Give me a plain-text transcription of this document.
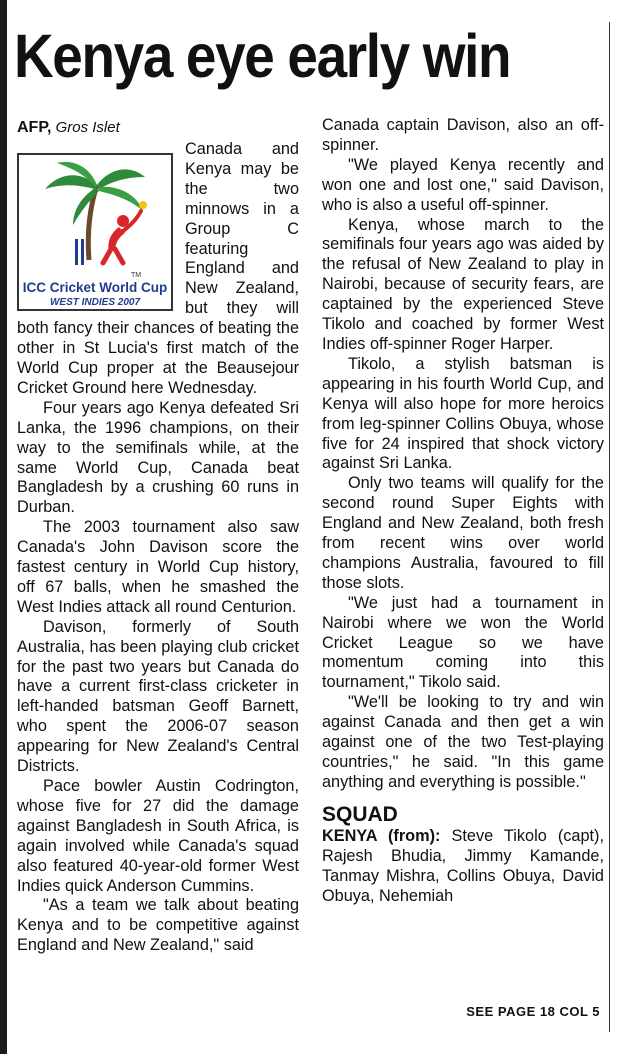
Kenya eye early win
AFP, Gros Islet
TM
ICC Cricket World Cup
WEST INDIES 2007

Canada and Kenya may be the two minnows in a Group C featuring England and New Zealand, but they will both fancy their chances of beating the other in St Lucia's first match of the World Cup proper at the Beausejour Cricket Ground here Wednesday.

Four years ago Kenya defeated Sri Lanka, the 1996 champions, on their way to the semifinals while, at the same World Cup, Canada beat Bangladesh by a crushing 60 runs in Durban.

The 2003 tournament also saw Canada's John Davison score the fastest century in World Cup history, off 67 balls, when he smashed the West Indies attack all round Centurion.

Davison, formerly of South Australia, has been playing club cricket for the past two years but Canada do have a current first-class cricketer in left-handed batsman Geoff Barnett, who spent the 2006-07 season appearing for New Zealand's Central Districts.

Pace bowler Austin Codrington, whose five for 27 did the damage against Bangladesh in South Africa, is again involved while Canada's squad also featured 40-year-old former West Indies quick Anderson Cummins.

"As a team we talk about beating Kenya and to be competitive against England and New Zealand," said

Canada captain Davison, also an off-spinner.

"We played Kenya recently and won one and lost one," said Davison, who is also a useful off-spinner.

Kenya, whose march to the semifinals four years ago was aided by the refusal of New Zealand to play in Nairobi, because of security fears, are captained by the experienced Steve Tikolo and coached by former West Indies off-spinner Roger Harper.

Tikolo, a stylish batsman is appearing in his fourth World Cup, and Kenya will also hope for more heroics from leg-spinner Collins Obuya, whose five for 24 inspired that shock victory against Sri Lanka.

Only two teams will qualify for the second round Super Eights with England and New Zealand, both fresh from recent wins over world champions Australia, favoured to fill those slots.

"We just had a tournament in Nairobi where we won the World Cricket League so we have momentum coming into this tournament," Tikolo said.

"We'll be looking to try and win against Canada and then get a win against one of the two Test-playing countries," he said. "In this game anything and everything is possible."

SQUAD

KENYA (from): Steve Tikolo (capt), Rajesh Bhudia, Jimmy Kamande, Tanmay Mishra, Collins Obuya, David Obuya, Nehemiah

SEE PAGE 18 COL 5
